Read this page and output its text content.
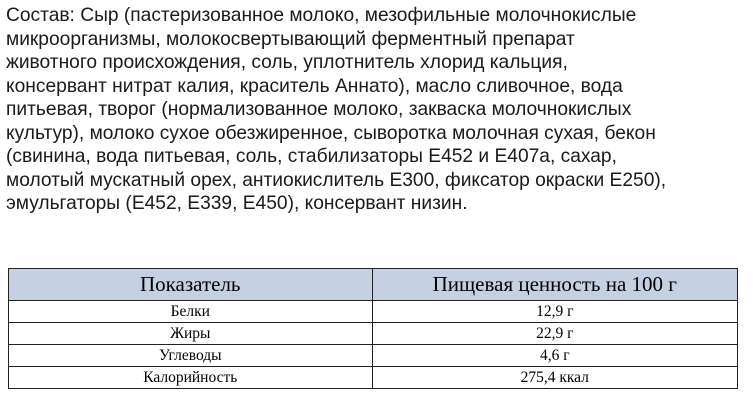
Состав: Сыр (пастеризованное молоко, мезофильные молочнокислые
микроорганизмы, молокосвертывающий ферментный препарат
животного происхождения, соль, уплотнитель хлорид кальция,
консервант нитрат калия, краситель Аннато), масло сливочное, вода
питьевая, творог (нормализованное молоко, закваска молочнокислых
культур), молоко сухое обезжиренное, сыворотка молочная сухая, бекон
(свинина, вода питьевая, соль, стабилизаторы Е452 и Е407а, сахар,
молотый мускатный орех, антиокислитель Е300, фиксатор окраски Е250),
эмульгаторы (Е452, Е339, Е450), консервант низин.
Показатель	Пищевая ценность на 100 г
Белки	12,9 г
Жиры	22,9 г
Углеводы	4,6 г
Калорийность	275,4 ккал
